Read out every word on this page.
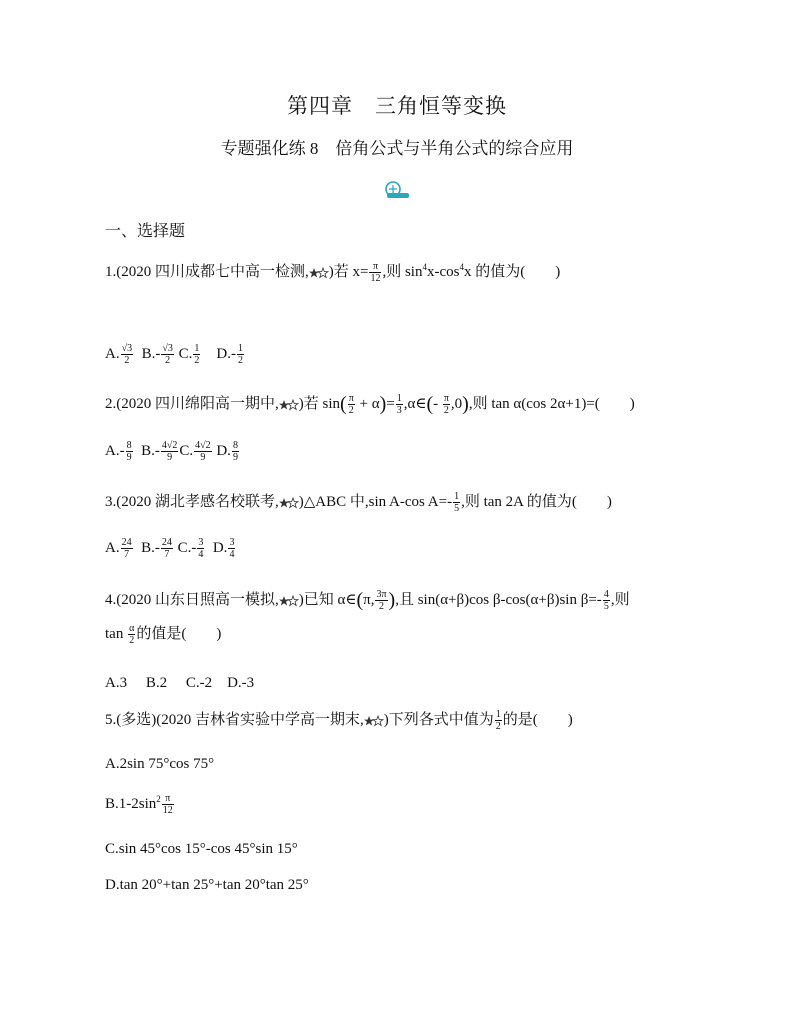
第四章　三角恒等变换
专题强化练 8　倍角公式与半角公式的综合应用
一、选择题
1.(2020 四川成都七中高一检测, )若 $x= \frac{\pi}{12}$ ,则 $\sin^4x-\cos^4x$ 的值为(　　)
A. $\frac{√3}{2} B.- \frac{√3}{2} C$. $\frac{1}{2} D.- \frac{1}{2}$
2.(2020 四川绵阳高一期中, )若 $\sin( \frac{\pi}{2} + \alpha)= \frac{1}{3}$ ,α∈(- $\frac{\pi}{2} ,0$),则 tan α(cos 2α+1)=(　　)
$A.- \frac{8}{9} B.- \frac{4√2}{9} C$. $\frac{4√2}{9} D$. $\frac{8}{9}$
3.(2020 湖北孝感名校联考, )△ABC 中,sin A-cos $A=- \frac{1}{5}$ ,则 tan 2A 的值为(　　)
A. $\frac{24}{7} B.- \frac{24}{7} C.- \frac{3}{4} D$. $\frac{3}{4}$
4.(2020 山东日照高一模拟, )已知 α∈(π, $\frac{3\pi}{2}$ ),且 sin(α+β)cos β-cos(α+β)sin $\beta=- \frac{4}{5}$ ,则
$\tan \frac{\alpha}{2}$ 的值是(　　)
A.3　 B.2　 C.-2　D.-3
5.(多选)(2020 吉林省实验中学高一期末, )下列各式中值为 $\frac{1}{2}$ 的是(　　)
A.2sin 75°cos 75°
$B.1-2\sin^2 \frac{\pi}{12}$
C.sin 45°cos 15°-cos 45°sin 15°
D.tan 20°+tan 25°+tan 20°tan 25°
